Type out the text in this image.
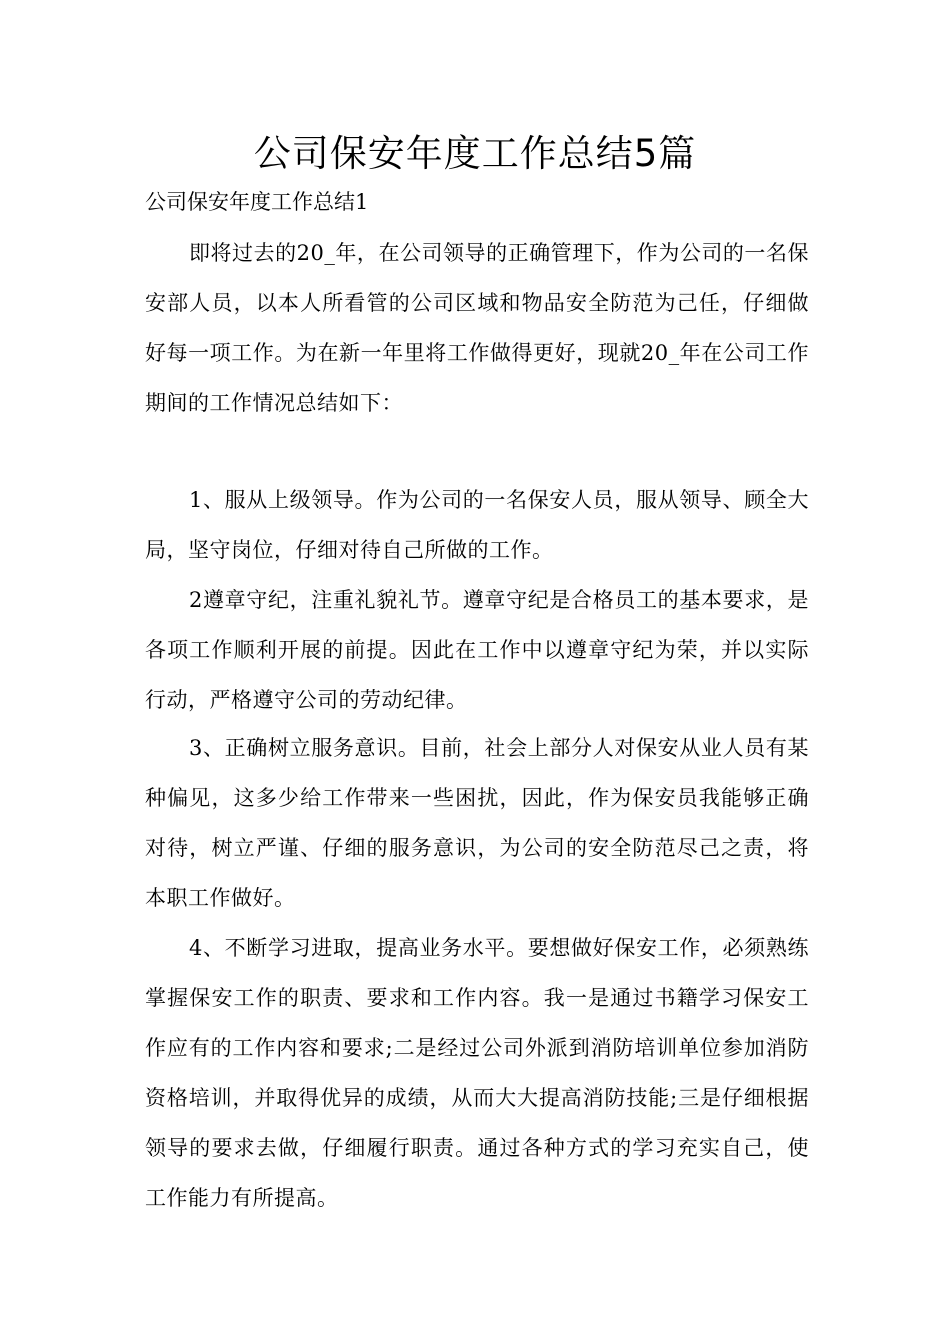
公司保安年度工作总结5篇
公司保安年度工作总结1

即将过去的20_年，在公司领导的正确管理下，作为公司的一名保安部人员，以本人所看管的公司区域和物品安全防范为己任，仔细做好每一项工作。为在新一年里将工作做得更好，现就20_年在公司工作期间的工作情况总结如下：

1、服从上级领导。作为公司的一名保安人员，服从领导、顾全大局，坚守岗位，仔细对待自己所做的工作。

2遵章守纪，注重礼貌礼节。遵章守纪是合格员工的基本要求，是各项工作顺利开展的前提。因此在工作中以遵章守纪为荣，并以实际行动，严格遵守公司的劳动纪律。

3、正确树立服务意识。目前，社会上部分人对保安从业人员有某种偏见，这多少给工作带来一些困扰，因此，作为保安员我能够正确对待，树立严谨、仔细的服务意识，为公司的安全防范尽己之责，将本职工作做好。

4、不断学习进取，提高业务水平。要想做好保安工作，必须熟练掌握保安工作的职责、要求和工作内容。我一是通过书籍学习保安工作应有的工作内容和要求;二是经过公司外派到消防培训单位参加消防资格培训，并取得优异的成绩，从而大大提高消防技能;三是仔细根据领导的要求去做，仔细履行职责。通过各种方式的学习充实自己，使工作能力有所提高。
